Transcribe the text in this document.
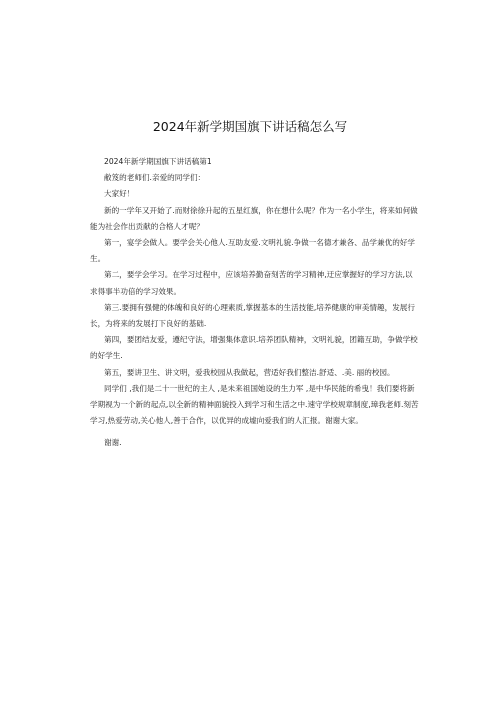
2024年新学期国旗下讲话稿怎么写

2024年新学期国旗下讲话稿第1

敝笈的老师们.亲爱的同学们：

大家好！

新的一学年又开始了.而财徐徐升起的五星红旗，你在想什么呢？作为一名小学生，将来如何做能为社会作出贡献的合格人才呢？

第一，宴学会做人。要学会关心他人.互助友爱.文明礼貌.争做一名德才兼各、品学兼优的好学生。

第二，要学会学习。在学习过程中，应该培养勤奋刻苦的学习精神,迂应掌握好的学习方法,以求得事半功倍的学习效果。

第三.要拥有强健的体魄和良好的心理素质,掌握基本的生活技能,培养健康的审美情趣，发展行长，为将来的发展打下良好的基础.

第四，要团结友爱，遵纪守法，增强集体意识.培养团队精神，文明礼貌，团籍互助，争做学校的好学生.

第五，要讲卫生、讲文明，爱我校园从我做起，营适好我们整洁.舒适、.美. 丽的校园。

同学们 ,我们是二十一世纪的主人 ,是未来祖国她设的生力军 ,是中华民能的希曳！我们要将新学期视为一个新的起点,以全新的精神面貌投入到学习和生活之中.速守学校规章制度,璋我老师.刻苦学习,热爱劳动,关心他人,善于合作，以优异的成墟向爱我们的人汇报。谢谢大家。

谢谢.
